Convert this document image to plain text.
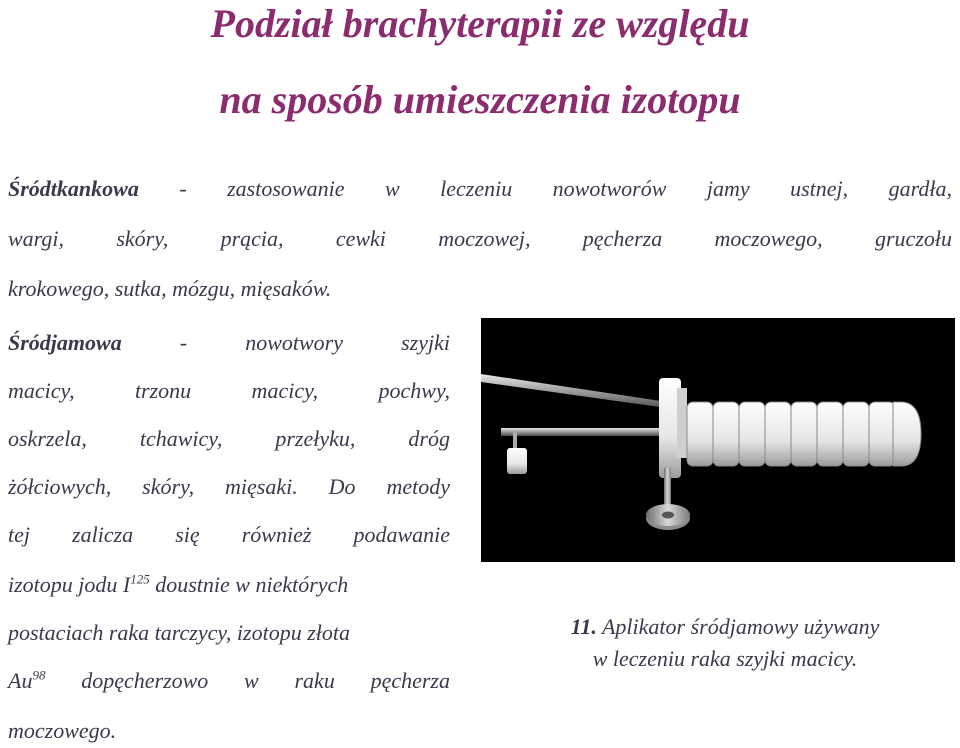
Podział brachyterapii ze względu
na sposób umieszczenia izotopu
Śródtkankowa - zastosowanie w leczeniu nowotworów jamy ustnej, gardła,
wargi, skóry, prącia, cewki moczowej, pęcherza moczowego, gruczołu
krokowego, sutka, mózgu, mięsaków.
Śródjamowa - nowotwory szyjki
macicy, trzonu macicy, pochwy,
oskrzela, tchawicy, przełyku, dróg
żółciowych, skóry, mięsaki. Do metody
tej zalicza się również podawanie
izotopu jodu $I^{125}$ doustnie w niektórych
postaciach raka tarczycy, izotopu złota
Au$^{98}$ dopęcherzowo w raku pęcherza
moczowego.
11. Aplikator śródjamowy używany
w leczeniu raka szyjki macicy.
